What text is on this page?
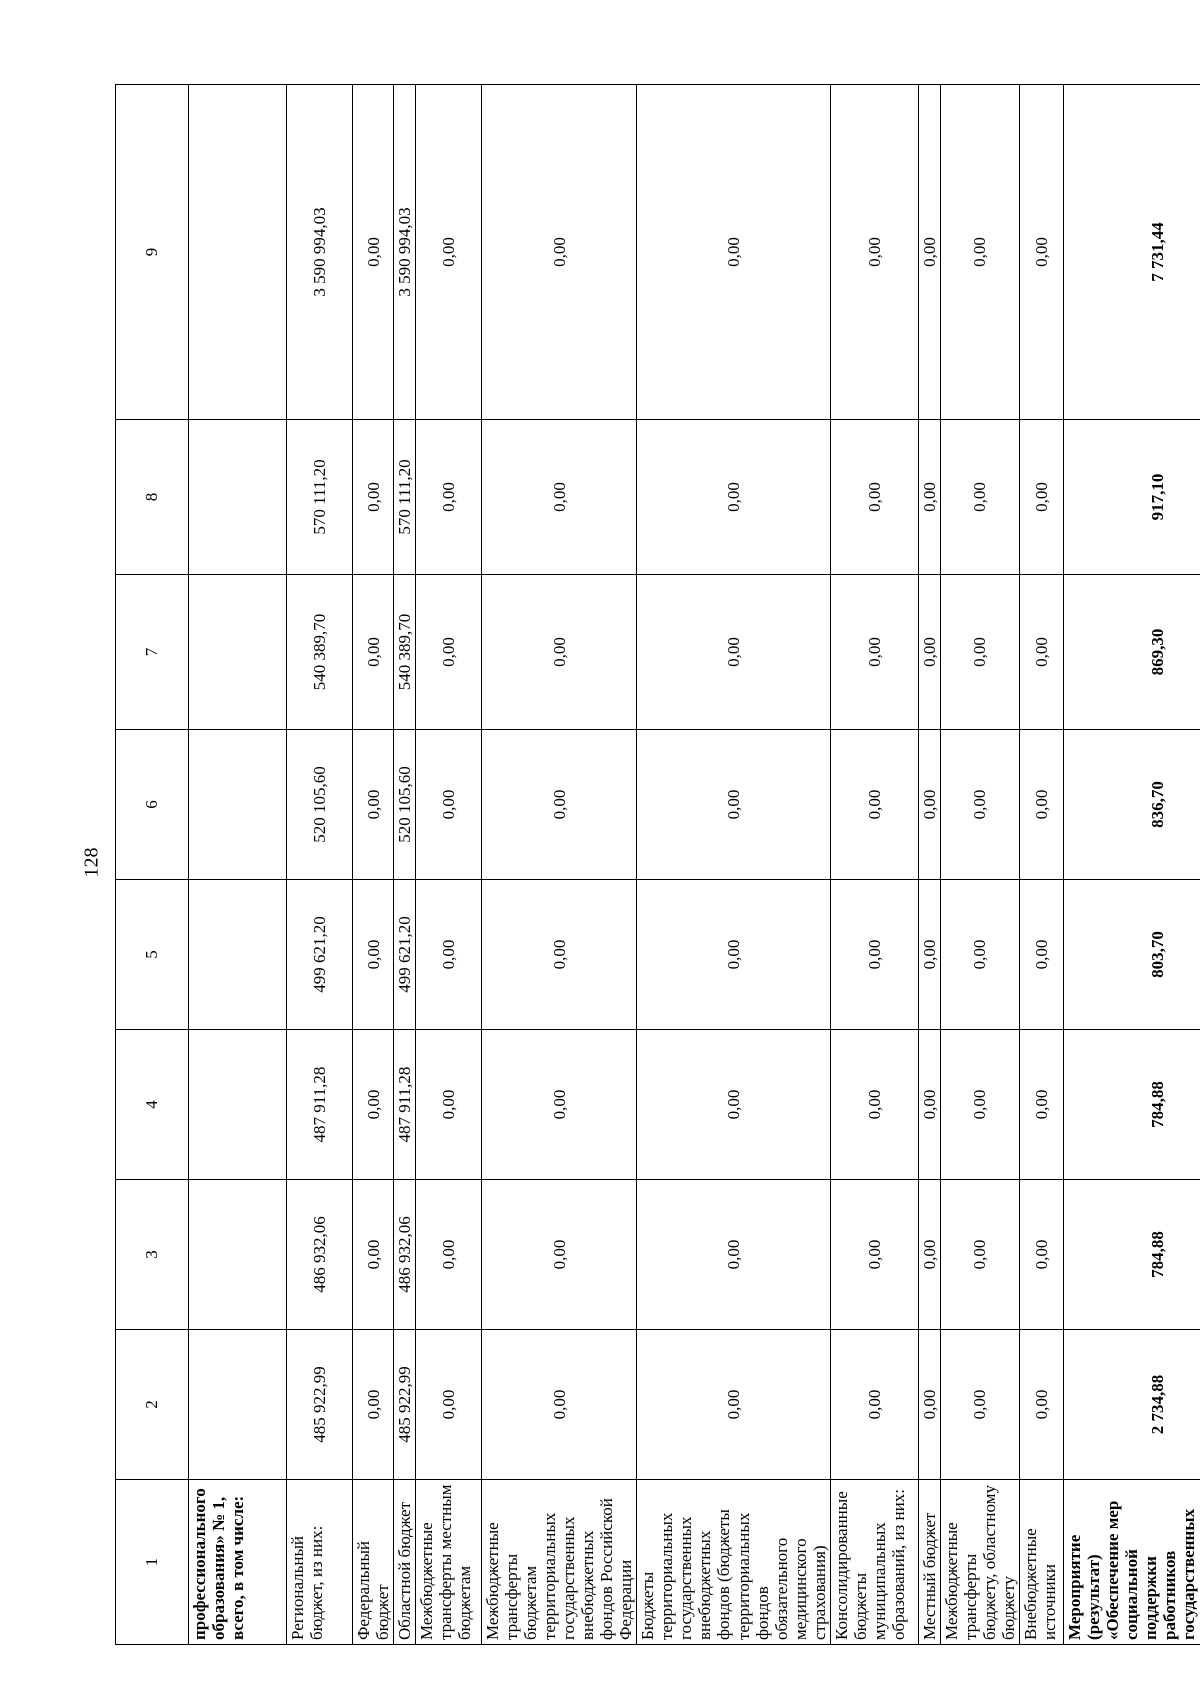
128
1	2	3	4	5	6	7	8	9
профессионального образования» № 1, всего, в том числе:								
Региональный бюджет, из них:	485 922,99	486 932,06	487 911,28	499 621,20	520 105,60	540 389,70	570 111,20	3 590 994,03
Федеральный бюджет	0,00	0,00	0,00	0,00	0,00	0,00	0,00	0,00
Областной бюджет	485 922,99	486 932,06	487 911,28	499 621,20	520 105,60	540 389,70	570 111,20	3 590 994,03
Межбюджетные трансферты местным бюджетам	0,00	0,00	0,00	0,00	0,00	0,00	0,00	0,00
Межбюджетные трансферты бюджетам территориальных государственных внебюджетных фондов Российской Федерации	0,00	0,00	0,00	0,00	0,00	0,00	0,00	0,00
Бюджеты территориальных государственных внебюджетных фондов (бюджеты территориальных фондов обязательного медицинского страхования)	0,00	0,00	0,00	0,00	0,00	0,00	0,00	0,00
Консолидированные бюджеты муниципальных образований, из них:	0,00	0,00	0,00	0,00	0,00	0,00	0,00	0,00
Местный бюджет	0,00	0,00	0,00	0,00	0,00	0,00	0,00	0,00
Межбюджетные трансферты бюджету, областному бюджету	0,00	0,00	0,00	0,00	0,00	0,00	0,00	0,00
Внебюджетные источники	0,00	0,00	0,00	0,00	0,00	0,00	0,00	0,00
Мероприятие (результат) «Обеспечение мер социальной поддержки работников государственных	2 734,88	784,88	784,88	803,70	836,70	869,30	917,10	7 731,44
